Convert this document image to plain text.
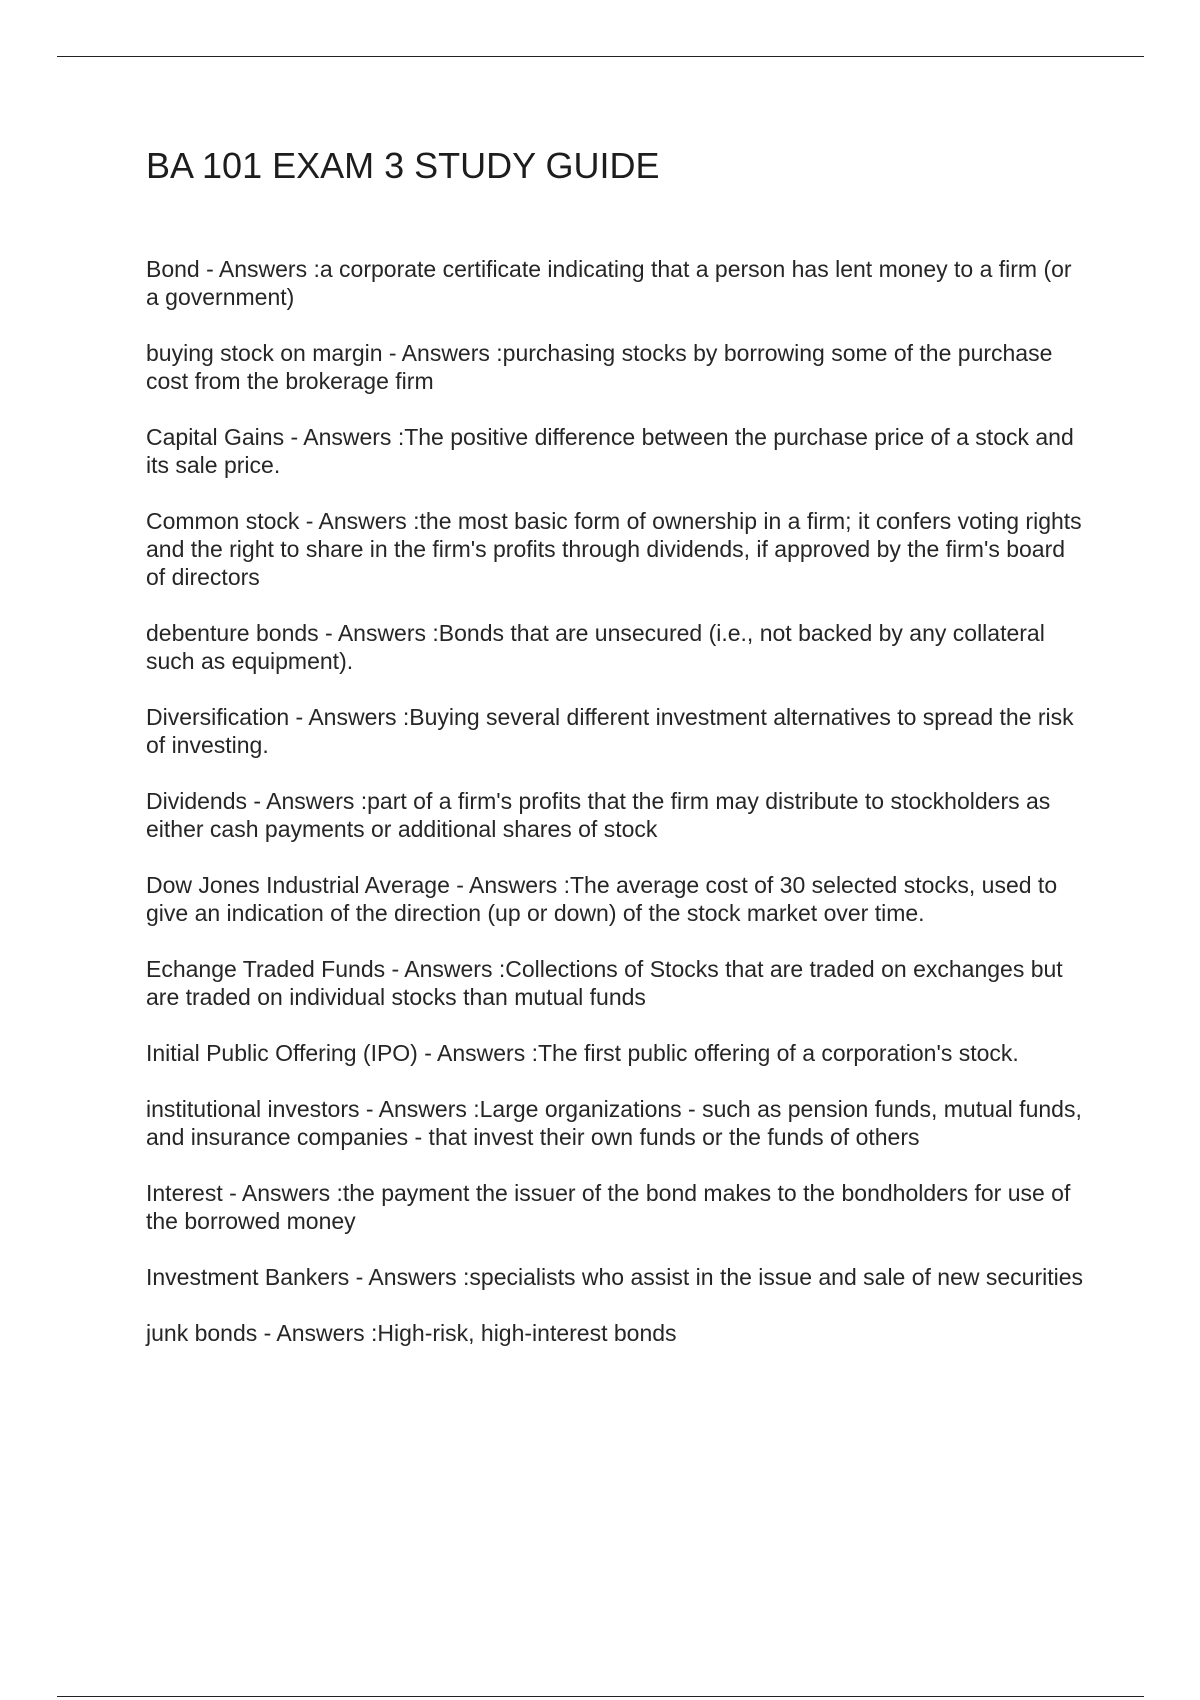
BA 101 EXAM 3 STUDY GUIDE
Bond - Answers :a corporate certificate indicating that a person has lent money to a firm (or a government)
buying stock on margin - Answers :purchasing stocks by borrowing some of the purchase cost from the brokerage firm
Capital Gains - Answers :The positive difference between the purchase price of a stock and its sale price.
Common stock - Answers :the most basic form of ownership in a firm; it confers voting rights and the right to share in the firm's profits through dividends, if approved by the firm's board of directors
debenture bonds - Answers :Bonds that are unsecured (i.e., not backed by any collateral such as equipment).
Diversification - Answers :Buying several different investment alternatives to spread the risk of investing.
Dividends - Answers :part of a firm's profits that the firm may distribute to stockholders as either cash payments or additional shares of stock
Dow Jones Industrial Average - Answers :The average cost of 30 selected stocks, used to give an indication of the direction (up or down) of the stock market over time.
Echange Traded Funds - Answers :Collections of Stocks that are traded on exchanges but are traded on individual stocks than mutual funds
Initial Public Offering (IPO) - Answers :The first public offering of a corporation's stock.
institutional investors - Answers :Large organizations - such as pension funds, mutual funds, and insurance companies - that invest their own funds or the funds of others
Interest - Answers :the payment the issuer of the bond makes to the bondholders for use of the borrowed money
Investment Bankers - Answers :specialists who assist in the issue and sale of new securities
junk bonds - Answers :High-risk, high-interest bonds
